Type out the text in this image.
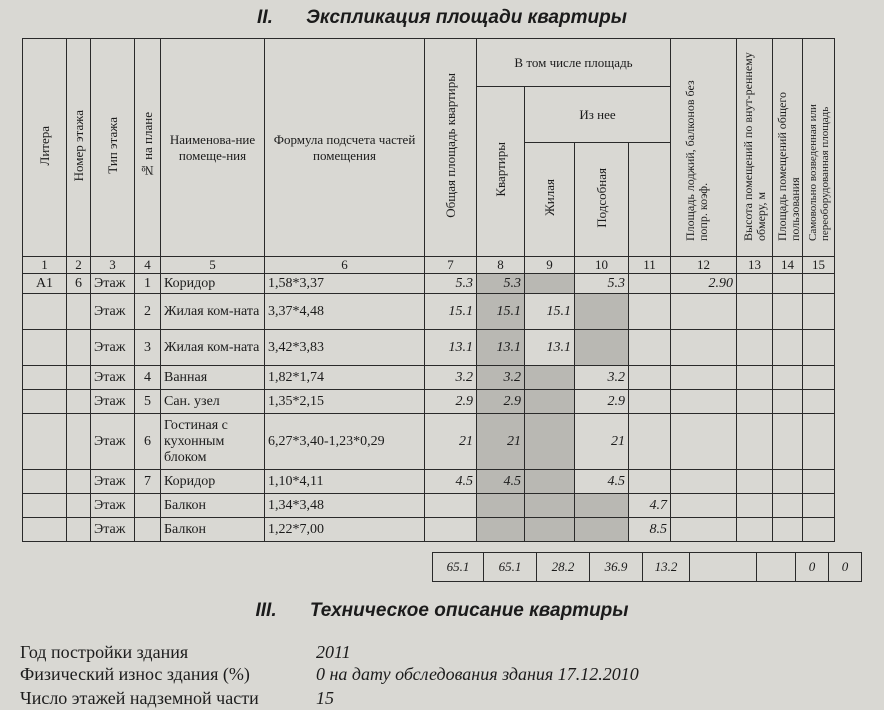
II. Экспликация площади квартиры
Литера	Номер этажа	Тип этажа	№ на плане	Наименова-ние помеще-ния	Формула подсчета частей помещения	Общая площадь квартиры	В том числе площадь				Площадь лоджий, балконов без попр. коэф.	Высота помещений по внут-реннему обмеру, м	Площадь помещений общего пользования	Самовольно возведенная или переоборудованная площадь	
							Квартиры	Из нее							
								Жилая	Подсобная						
1	2	3	4	5	6	7	8	9	10	11	12	13	14	15	
А1	6	Этаж	1	Коридор	1,58*3,37	5.3	5.3		5.3		2.90				
		Этаж	2	Жилая ком-ната	3,37*4,48	15.1	15.1	15.1							
		Этаж	3	Жилая ком-ната	3,42*3,83	13.1	13.1	13.1							
		Этаж	4	Ванная	1,82*1,74	3.2	3.2		3.2						
		Этаж	5	Сан. узел	1,35*2,15	2.9	2.9		2.9						
		Этаж	6	Гостиная с кухонным блоком	6,27*3,40-1,23*0,29	21	21		21						
		Этаж	7	Коридор	1,10*4,11	4.5	4.5		4.5						
		Этаж		Балкон	1,34*3,48					4.7					
		Этаж		Балкон	1,22*7,00					8.5					
65.1	65.1	28.2	36.9	13.2			0	0
III. Техническое описание квартиры
Год постройки здания	2011
Физический износ здания (%)	0 на дату обследования здания 17.12.2010
Число этажей надземной части	15
